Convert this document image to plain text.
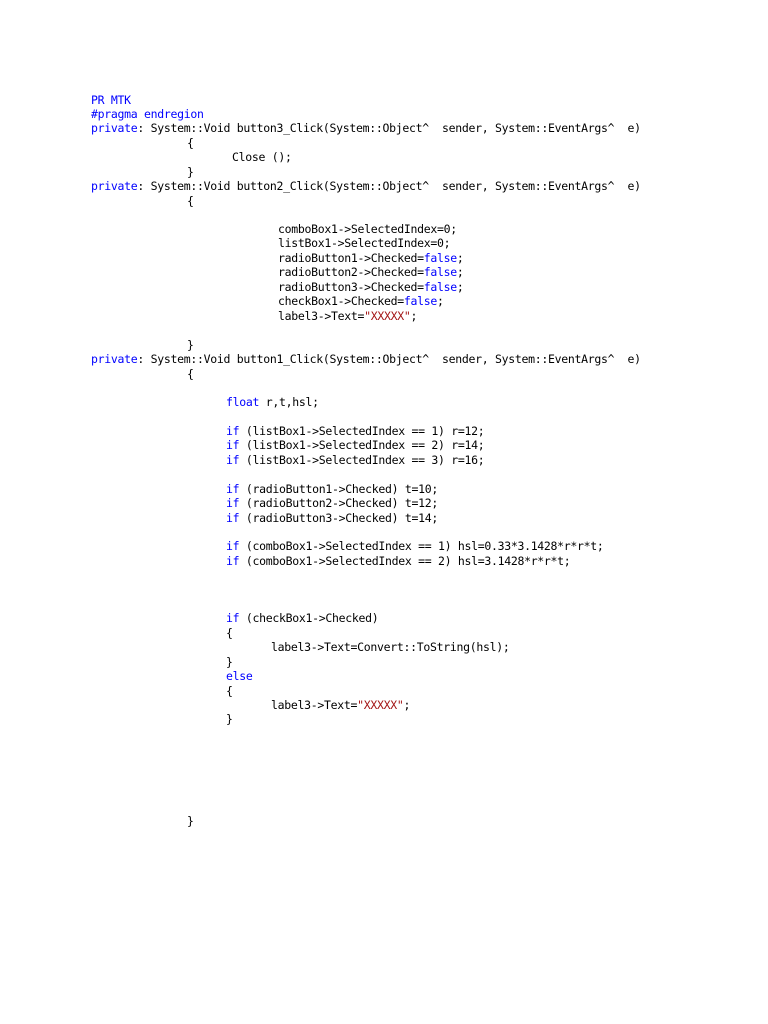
PR MTK
#pragma endregion
private: System::Void button3_Click(System::Object^  sender, System::EventArgs^  e)
{
Close ();
}
private: System::Void button2_Click(System::Object^  sender, System::EventArgs^  e)
{
comboBox1->SelectedIndex=0;
listBox1->SelectedIndex=0;
radioButton1->Checked=false;
radioButton2->Checked=false;
radioButton3->Checked=false;
checkBox1->Checked=false;
label3->Text="XXXXX";
}
private: System::Void button1_Click(System::Object^  sender, System::EventArgs^  e)
{
float r,t,hsl;
if (listBox1->SelectedIndex == 1) r=12;
if (listBox1->SelectedIndex == 2) r=14;
if (listBox1->SelectedIndex == 3) r=16;
if (radioButton1->Checked) t=10;
if (radioButton2->Checked) t=12;
if (radioButton3->Checked) t=14;
if (comboBox1->SelectedIndex == 1) hsl=0.33*3.1428*r*r*t;
if (comboBox1->SelectedIndex == 2) hsl=3.1428*r*r*t;
if (checkBox1->Checked)
{
label3->Text=Convert::ToString(hsl);
}
else
{
label3->Text="XXXXX";
}
}
